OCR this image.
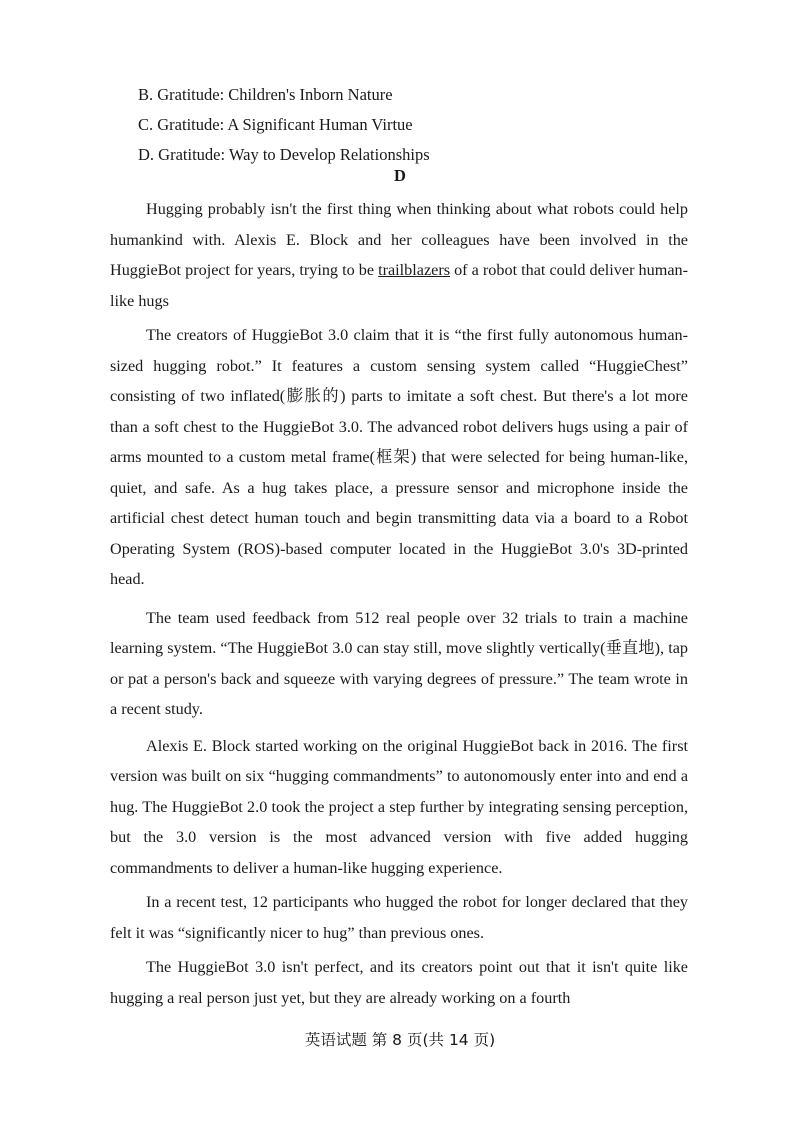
B. Gratitude: Children's Inborn Nature
C. Gratitude: A Significant Human Virtue
D. Gratitude: Way to Develop Relationships
D

Hugging probably isn't the first thing when thinking about what robots could help humankind with. Alexis E. Block and her colleagues have been involved in the HuggieBot project for years, trying to be trailblazers of a robot that could deliver human-like hugs

The creators of HuggieBot 3.0 claim that it is “the first fully autonomous human-sized hugging robot.” It features a custom sensing system called “HuggieChest” consisting of two inflated(膨胀的) parts to imitate a soft chest. But there's a lot more than a soft chest to the HuggieBot 3.0. The advanced robot delivers hugs using a pair of arms mounted to a custom metal frame(框架) that were selected for being human-like, quiet, and safe. As a hug takes place, a pressure sensor and microphone inside the artificial chest detect human touch and begin transmitting data via a board to a Robot Operating System (ROS)-based computer located in the HuggieBot 3.0's 3D-printed head.

The team used feedback from 512 real people over 32 trials to train a machine learning system. “The HuggieBot 3.0 can stay still, move slightly vertically(垂直地), tap or pat a person's back and squeeze with varying degrees of pressure.” The team wrote in a recent study.

Alexis E. Block started working on the original HuggieBot back in 2016. The first version was built on six “hugging commandments” to autonomously enter into and end a hug. The HuggieBot 2.0 took the project a step further by integrating sensing perception, but the 3.0 version is the most advanced version with five added hugging commandments to deliver a human-like hugging experience.

In a recent test, 12 participants who hugged the robot for longer declared that they felt it was “significantly nicer to hug” than previous ones.

The HuggieBot 3.0 isn't perfect, and its creators point out that it isn't quite like hugging a real person just yet, but they are already working on a fourth

英语试题 第 8 页(共 14 页)
